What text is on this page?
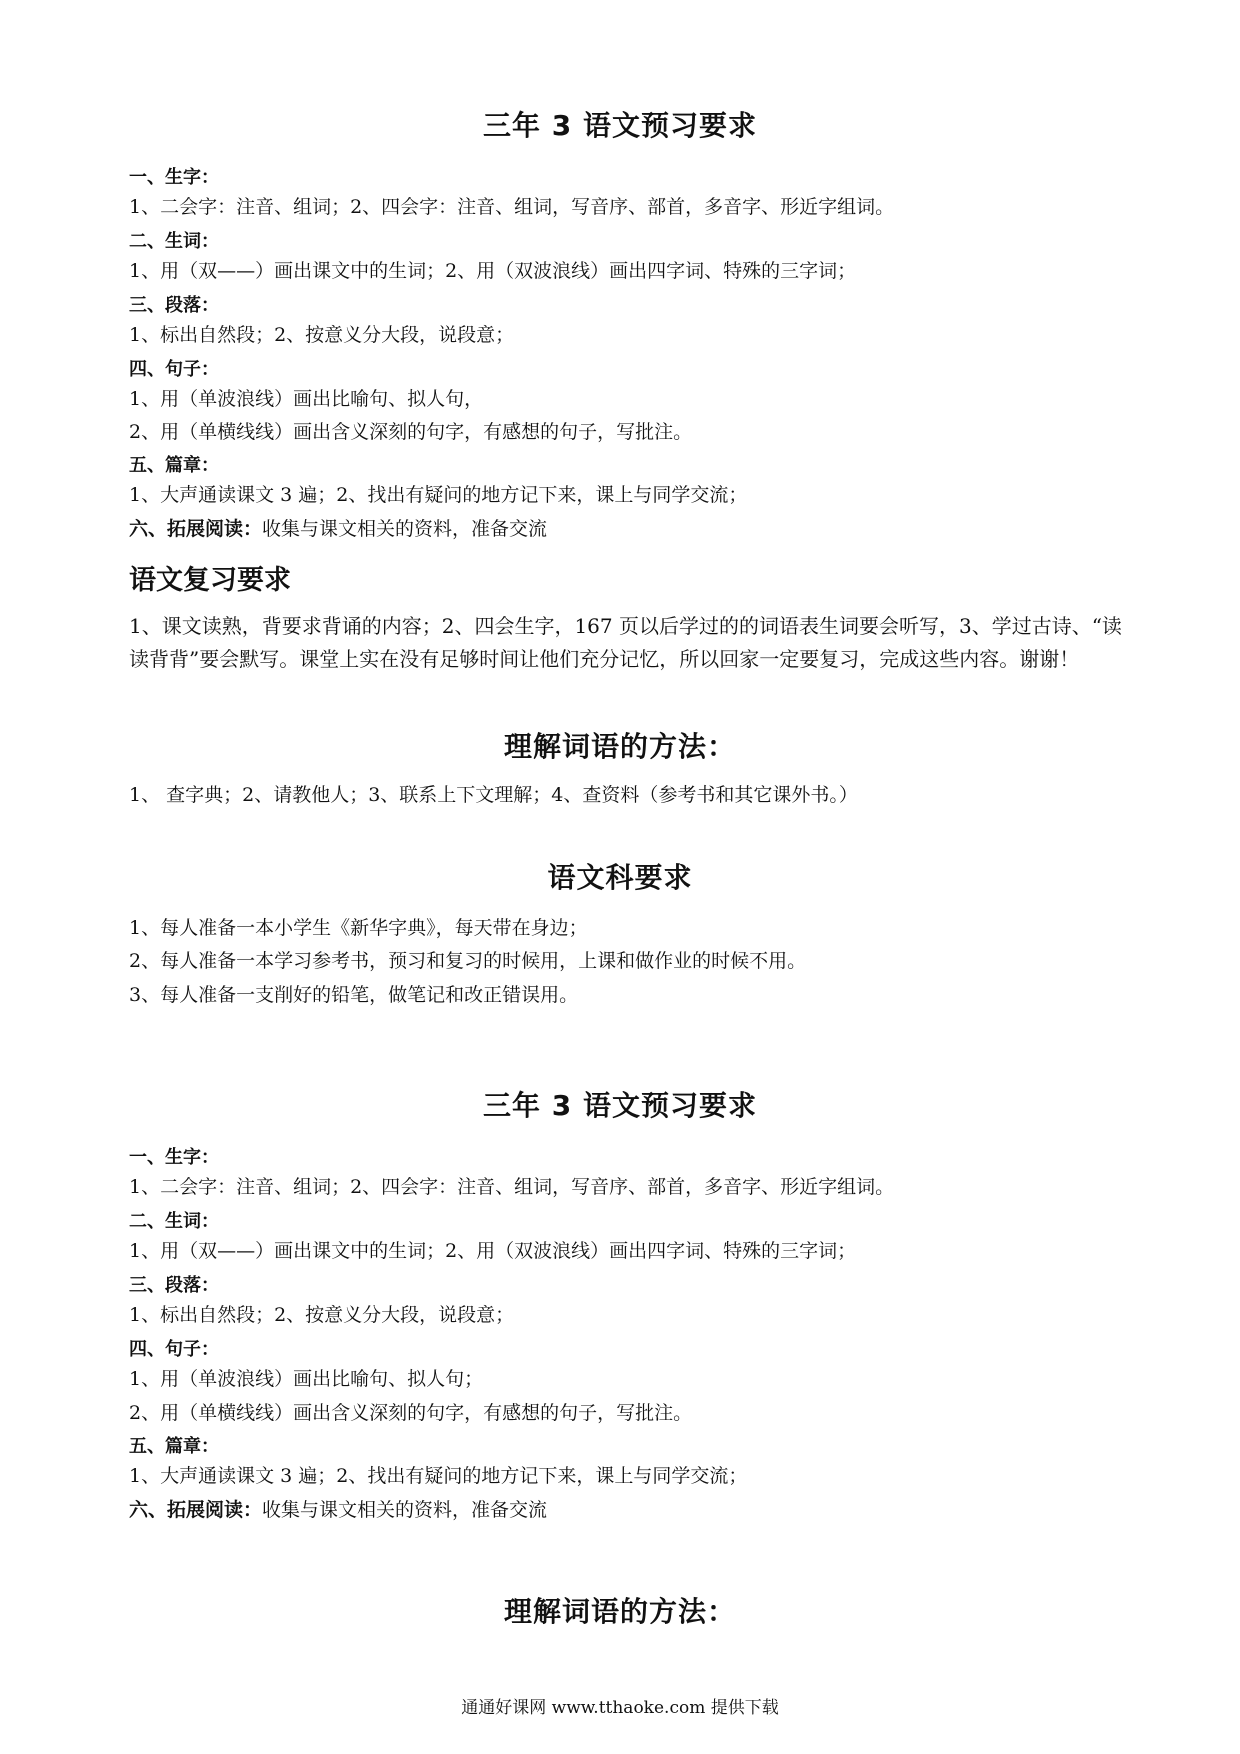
三年 3 语文预习要求
一、生字：
1、二会字：注音、组词；2、四会字：注音、组词，写音序、部首，多音字、形近字组词。
二、生词：
1、用（双——）画出课文中的生词；2、用（双波浪线）画出四字词、特殊的三字词；
三、段落：
1、标出自然段；2、按意义分大段，说段意；
四、句子：
1、用（单波浪线）画出比喻句、拟人句，
2、用（单横线线）画出含义深刻的句字，有感想的句子，写批注。
五、篇章：
1、大声通读课文 3 遍；2、找出有疑问的地方记下来，课上与同学交流；
六、拓展阅读：收集与课文相关的资料，准备交流
语文复习要求
1、课文读熟，背要求背诵的内容；2、四会生字，167 页以后学过的的词语表生词要会听写，3、学过古诗、“读读背背”要会默写。课堂上实在没有足够时间让他们充分记忆，所以回家一定要复习，完成这些内容。谢谢！
理解词语的方法：
1、 查字典；2、请教他人；3、联系上下文理解；4、查资料（参考书和其它课外书。）
语文科要求
1、每人准备一本小学生《新华字典》，每天带在身边；
2、每人准备一本学习参考书，预习和复习的时候用，上课和做作业的时候不用。
3、每人准备一支削好的铅笔，做笔记和改正错误用。
三年 3 语文预习要求
一、生字：
1、二会字：注音、组词；2、四会字：注音、组词，写音序、部首，多音字、形近字组词。
二、生词：
1、用（双——）画出课文中的生词；2、用（双波浪线）画出四字词、特殊的三字词；
三、段落：
1、标出自然段；2、按意义分大段，说段意；
四、句子：
1、用（单波浪线）画出比喻句、拟人句；
2、用（单横线线）画出含义深刻的句字，有感想的句子，写批注。
五、篇章：
1、大声通读课文 3 遍；2、找出有疑问的地方记下来，课上与同学交流；
六、拓展阅读：收集与课文相关的资料，准备交流
理解词语的方法：
通通好课网 www.tthaoke.com 提供下载
